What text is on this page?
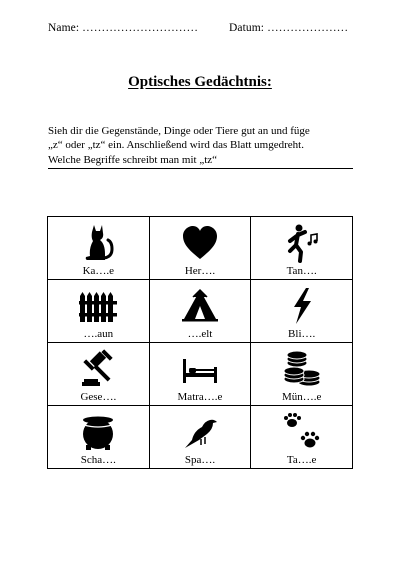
Name: …………………………	Datum: …………………
Optisches Gedächtnis:
Sieh dir die Gegenstände, Dinge oder Tiere gut an und füge
„z“ oder „tz“ ein. Anschließend wird das Blatt umgedreht.
Welche Begriffe schreibt man mit „tz“
Ka….e	Her….	Tan….

….aun	….elt	Bli….

Gese….	Matra….e	Mün….e

Scha….	Spa….	Ta….e
